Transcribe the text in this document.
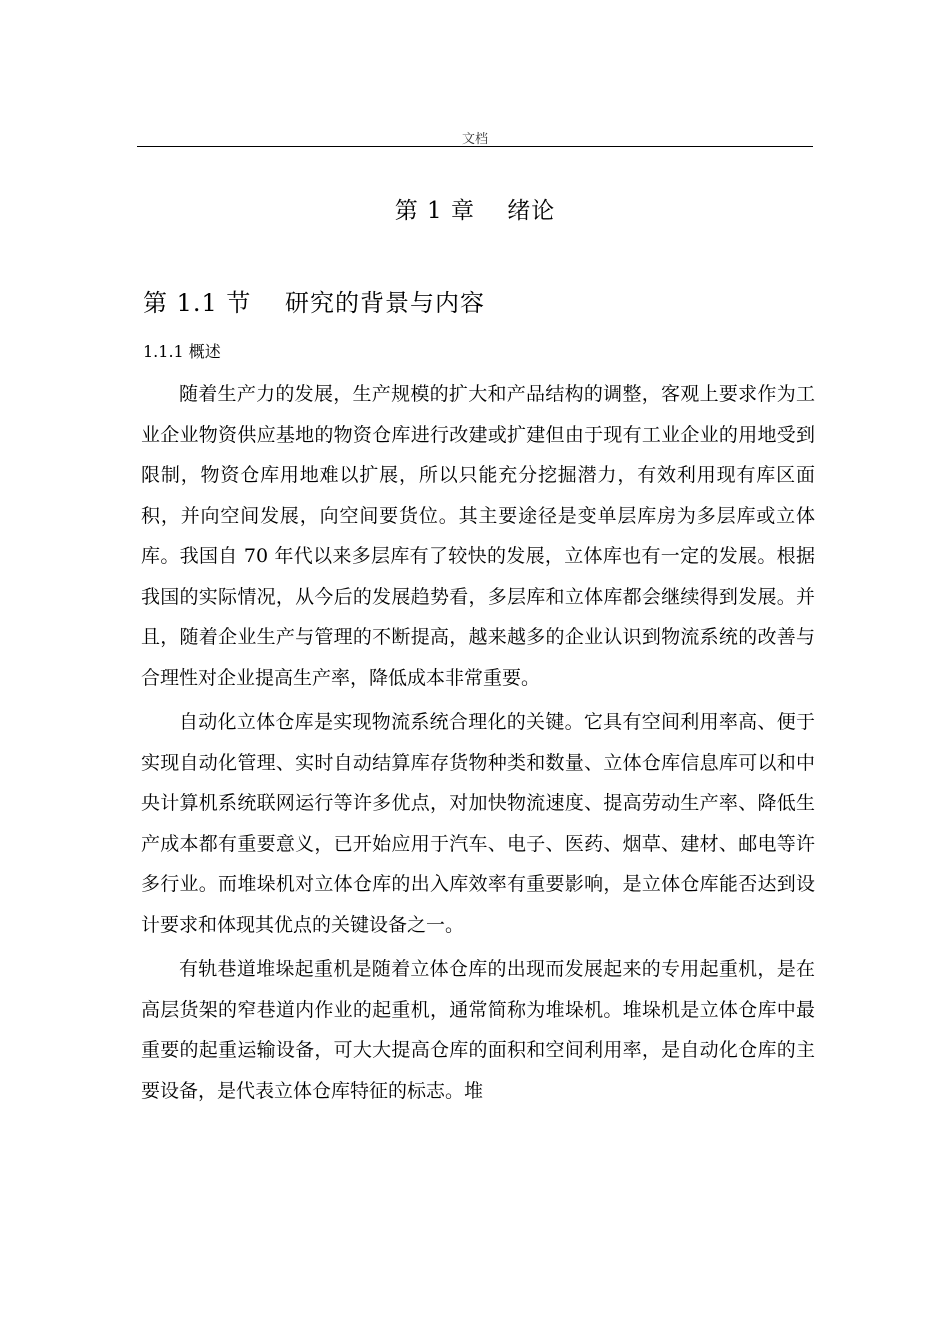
文档
第 1 章　 绪论
第 1.1 节　 研究的背景与内容
1.1.1 概述

随着生产力的发展，生产规模的扩大和产品结构的调整，客观上要求作为工业企业物资供应基地的物资仓库进行改建或扩建但由于现有工业企业的用地受到限制，物资仓库用地难以扩展，所以只能充分挖掘潜力，有效利用现有库区面积，并向空间发展，向空间要货位。其主要途径是变单层库房为多层库或立体库。我国自 70 年代以来多层库有了较快的发展，立体库也有一定的发展。根据我国的实际情况，从今后的发展趋势看，多层库和立体库都会继续得到发展。并且，随着企业生产与管理的不断提高，越来越多的企业认识到物流系统的改善与合理性对企业提高生产率，降低成本非常重要。

自动化立体仓库是实现物流系统合理化的关键。它具有空间利用率高、便于实现自动化管理、实时自动结算库存货物种类和数量、立体仓库信息库可以和中央计算机系统联网运行等许多优点，对加快物流速度、提高劳动生产率、降低生产成本都有重要意义，已开始应用于汽车、电子、医药、烟草、建材、邮电等许多行业。而堆垛机对立体仓库的出入库效率有重要影响，是立体仓库能否达到设计要求和体现其优点的关键设备之一。

有轨巷道堆垛起重机是随着立体仓库的出现而发展起来的专用起重机，是在高层货架的窄巷道内作业的起重机，通常简称为堆垛机。堆垛机是立体仓库中最重要的起重运输设备，可大大提高仓库的面积和空间利用率，是自动化仓库的主要设备，是代表立体仓库特征的标志。堆
